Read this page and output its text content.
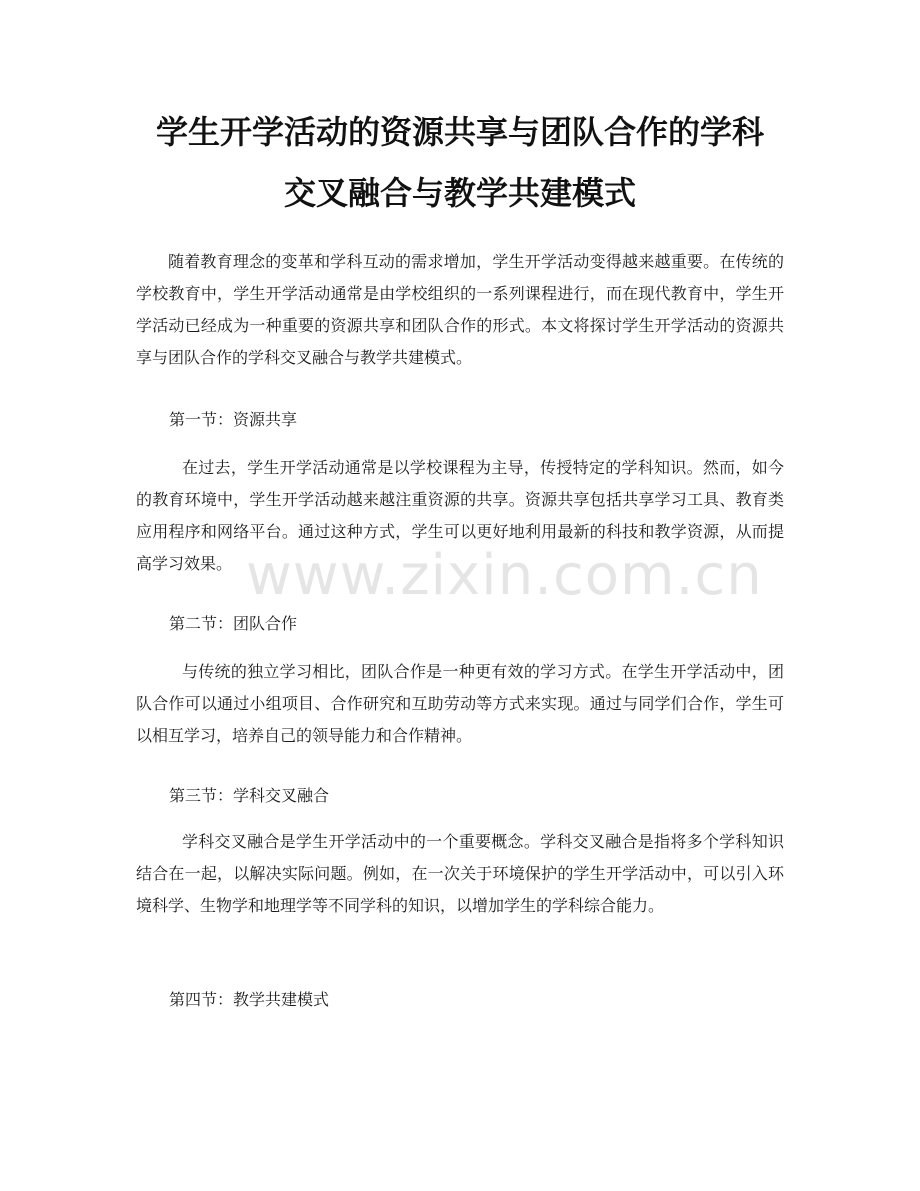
学生开学活动的资源共享与团队合作的学科
交叉融合与教学共建模式

随着教育理念的变革和学科互动的需求增加，学生开学活动变得越来越重要。在传统的学校教育中，学生开学活动通常是由学校组织的一系列课程进行，而在现代教育中，学生开学活动已经成为一种重要的资源共享和团队合作的形式。本文将探讨学生开学活动的资源共享与团队合作的学科交叉融合与教学共建模式。

第一节：资源共享

在过去，学生开学活动通常是以学校课程为主导，传授特定的学科知识。然而，如今的教育环境中，学生开学活动越来越注重资源的共享。资源共享包括共享学习工具、教育类应用程序和网络平台。通过这种方式，学生可以更好地利用最新的科技和教学资源，从而提高学习效果。

第二节：团队合作

与传统的独立学习相比，团队合作是一种更有效的学习方式。在学生开学活动中，团队合作可以通过小组项目、合作研究和互助劳动等方式来实现。通过与同学们合作，学生可以相互学习，培养自己的领导能力和合作精神。

第三节：学科交叉融合

学科交叉融合是学生开学活动中的一个重要概念。学科交叉融合是指将多个学科知识结合在一起，以解决实际问题。例如，在一次关于环境保护的学生开学活动中，可以引入环境科学、生物学和地理学等不同学科的知识，以增加学生的学科综合能力。

第四节：教学共建模式
www.zixin.com.cn
